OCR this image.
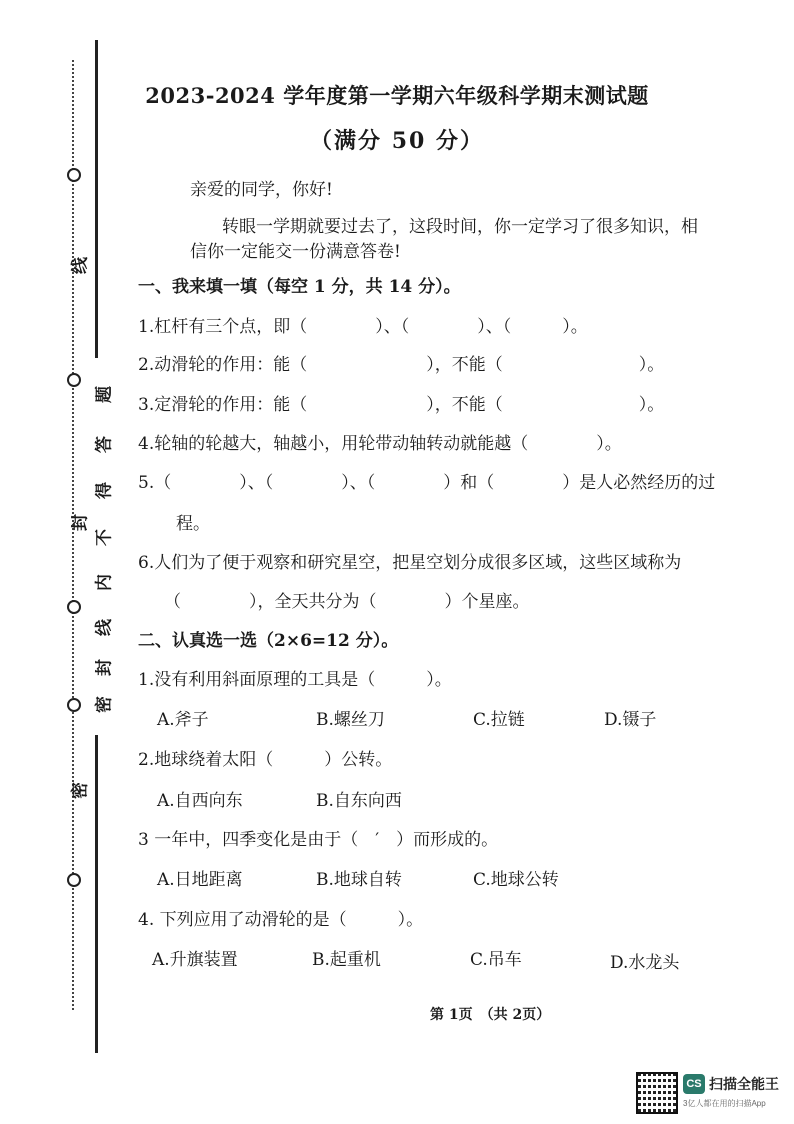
线
题
答
得
不
内
线
封
密
封
密
2023-2024 学年度第一学期六年级科学期末测试题
（满分 50 分）
亲爱的同学，你好!
转眼一学期就要过去了，这段时间，你一定学习了很多知识，相
信你一定能交一份满意答卷!
一、我来填一填（每空 1 分，共 14 分）。
1.杠杆有三个点，即（　　　　）、（　　　　）、（　　　）。
2.动滑轮的作用：能（　　　　　　　），不能（　　　　　　　　）。
3.定滑轮的作用：能（　　　　　　　），不能（　　　　　　　　）。
4.轮轴的轮越大，轴越小，用轮带动轴转动就能越（　　　　）。
5.（　　　　）、（　　　　）、（　　　　）和（　　　　）是人必然经历的过
程。
6.人们为了便于观察和研究星空，把星空划分成很多区域，这些区域称为
（　　　　），全天共分为（　　　　）个星座。
二、认真选一选（2×6=12 分）。
1.没有利用斜面原理的工具是（　　　）。
A.斧子	B.螺丝刀	C.拉链	D.镊子
2.地球绕着太阳（　　　）公转。
A.自西向东	B.自东向西
3 一年中，四季变化是由于（　′　）而形成的。
A.日地距离	B.地球自转	C.地球公转
4. 下列应用了动滑轮的是（　　　）。
A.升旗装置	B.起重机	C.吊车	D.水龙头
第 1页　（共 2页）
CS 扫描全能王
3亿人都在用的扫描App
